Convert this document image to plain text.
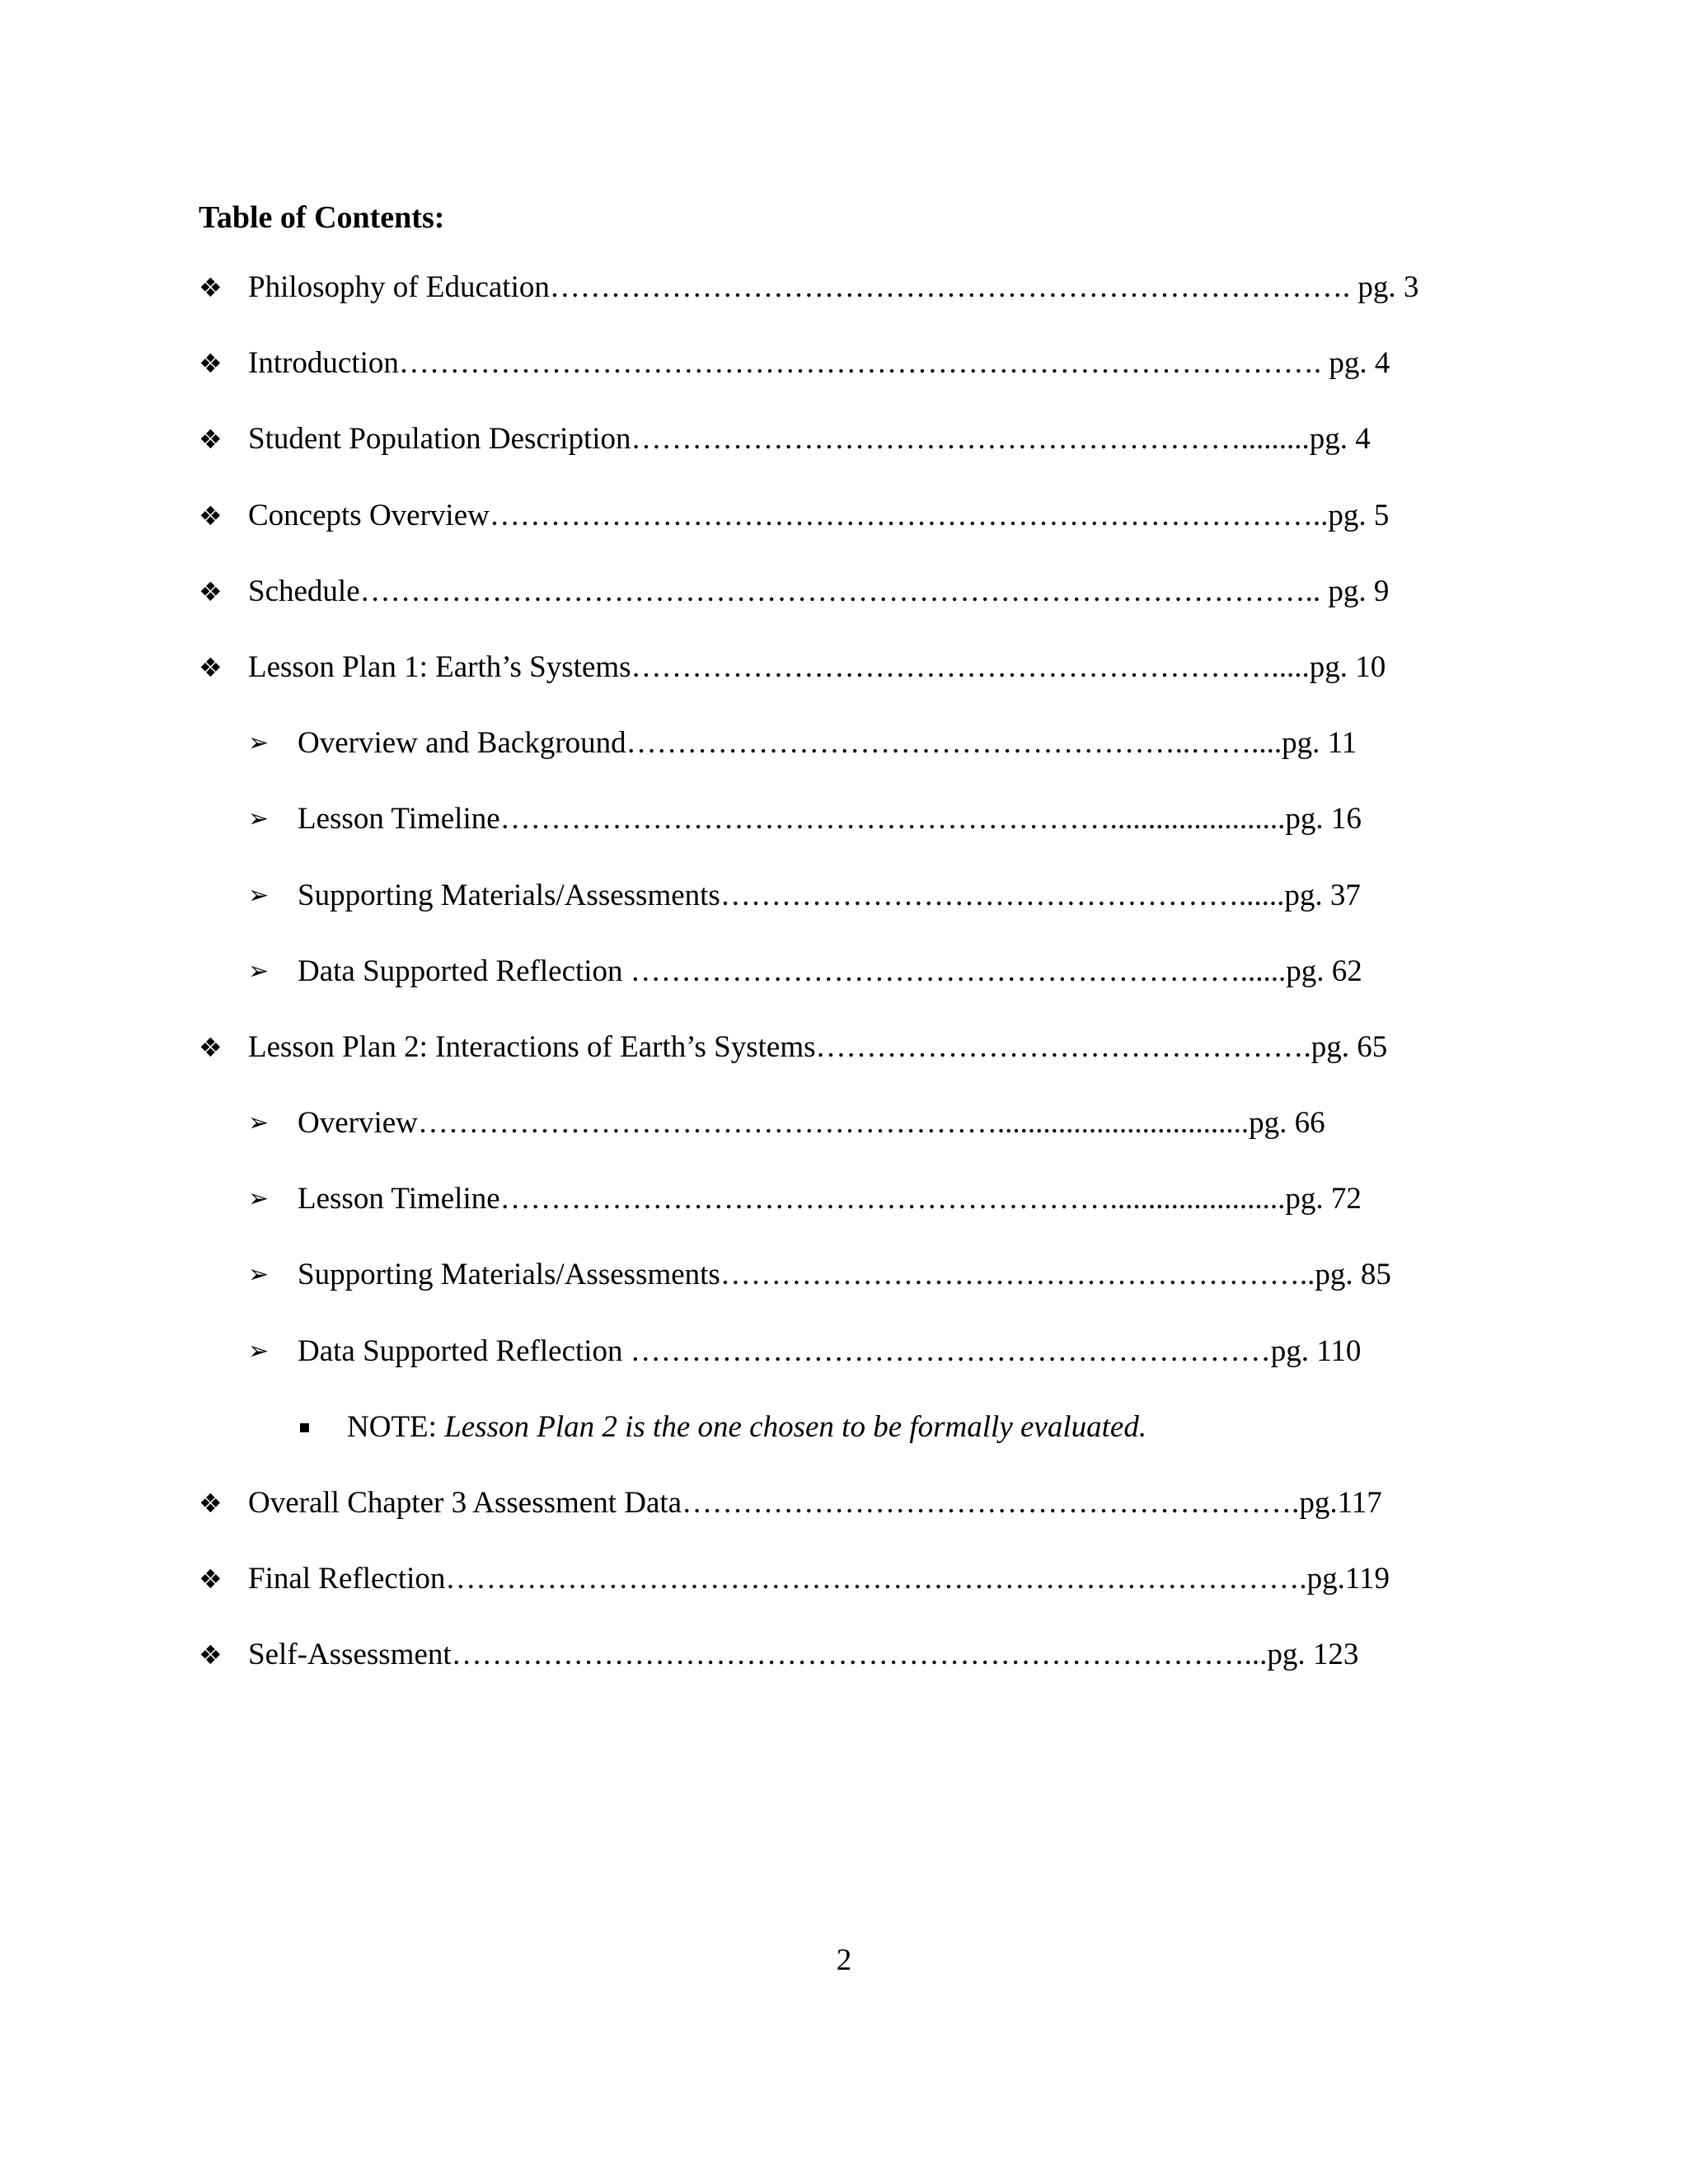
Table of Contents:
❖ Philosophy of Education……………………………………………………………………. pg. 3
❖ Introduction………………………………………………………………………………. pg. 4
❖ Student Population Description…………………………………………………….........pg. 4
❖ Concepts Overview………………………………………………………………………..pg. 5
❖ Schedule………………………………………………………………………………….. pg. 9
❖ Lesson Plan 1: Earth’s Systems……………………………………………………….....pg. 10
➢ Overview and Background………………………………………………..……....pg. 11
➢ Lesson Timeline…………………………………………………….......................pg. 16
➢ Supporting Materials/Assessments……………………………………………......pg. 37
➢ Data Supported Reflection ……………………………………………………......pg. 62
❖ Lesson Plan 2: Interactions of Earth’s Systems………………………………………….pg. 65
➢ Overview………………………………………………….................................pg. 66
➢ Lesson Timeline…………………………………………………….......................pg. 72
➢ Supporting Materials/Assessments…………………………………………………..pg. 85
➢ Data Supported Reflection ………………………………………………………pg. 110
▪	NOTE: Lesson Plan 2 is the one chosen to be formally evaluated.
❖ Overall Chapter 3 Assessment Data…………………………………………………….pg.117
❖ Final Reflection………………………………………………………………………….pg.119
❖ Self-Assessment……………………………………………………………………...pg. 123
2
